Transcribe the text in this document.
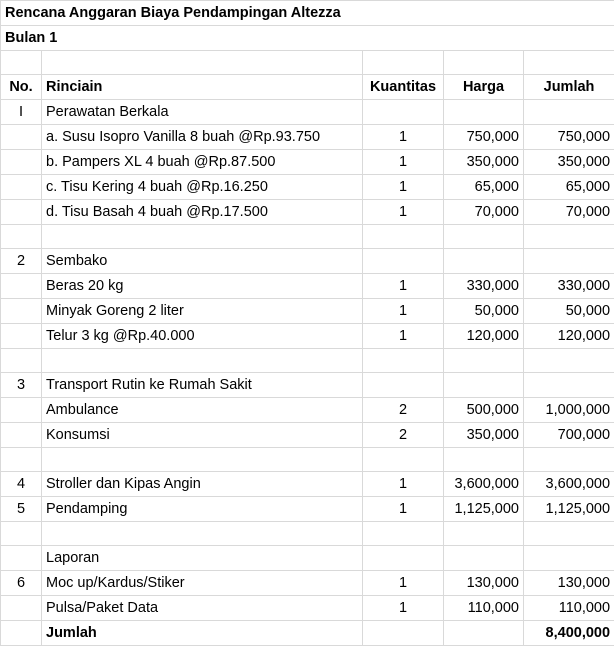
Rencana Anggaran Biaya Pendampingan Altezza				
Bulan 1				

No.	Rinciain	Kuantitas	Harga	Jumlah
I	Perawatan Berkala			
	a. Susu Isopro Vanilla 8 buah @Rp.93.750	1	750,000	750,000
	b. Pampers XL 4 buah @Rp.87.500	1	350,000	350,000
	c. Tisu Kering 4 buah @Rp.16.250	1	65,000	65,000
	d. Tisu Basah 4 buah @Rp.17.500	1	70,000	70,000

2	Sembako			
	Beras 20 kg	1	330,000	330,000
	Minyak Goreng 2 liter	1	50,000	50,000
	Telur 3 kg @Rp.40.000	1	120,000	120,000

3	Transport Rutin ke Rumah Sakit			
	Ambulance	2	500,000	1,000,000
	Konsumsi	2	350,000	700,000

4	Stroller dan Kipas Angin	1	3,600,000	3,600,000
5	Pendamping	1	1,125,000	1,125,000

	Laporan			
6	Moc up/Kardus/Stiker	1	130,000	130,000
	Pulsa/Paket Data	1	110,000	110,000
	Jumlah			8,400,000
